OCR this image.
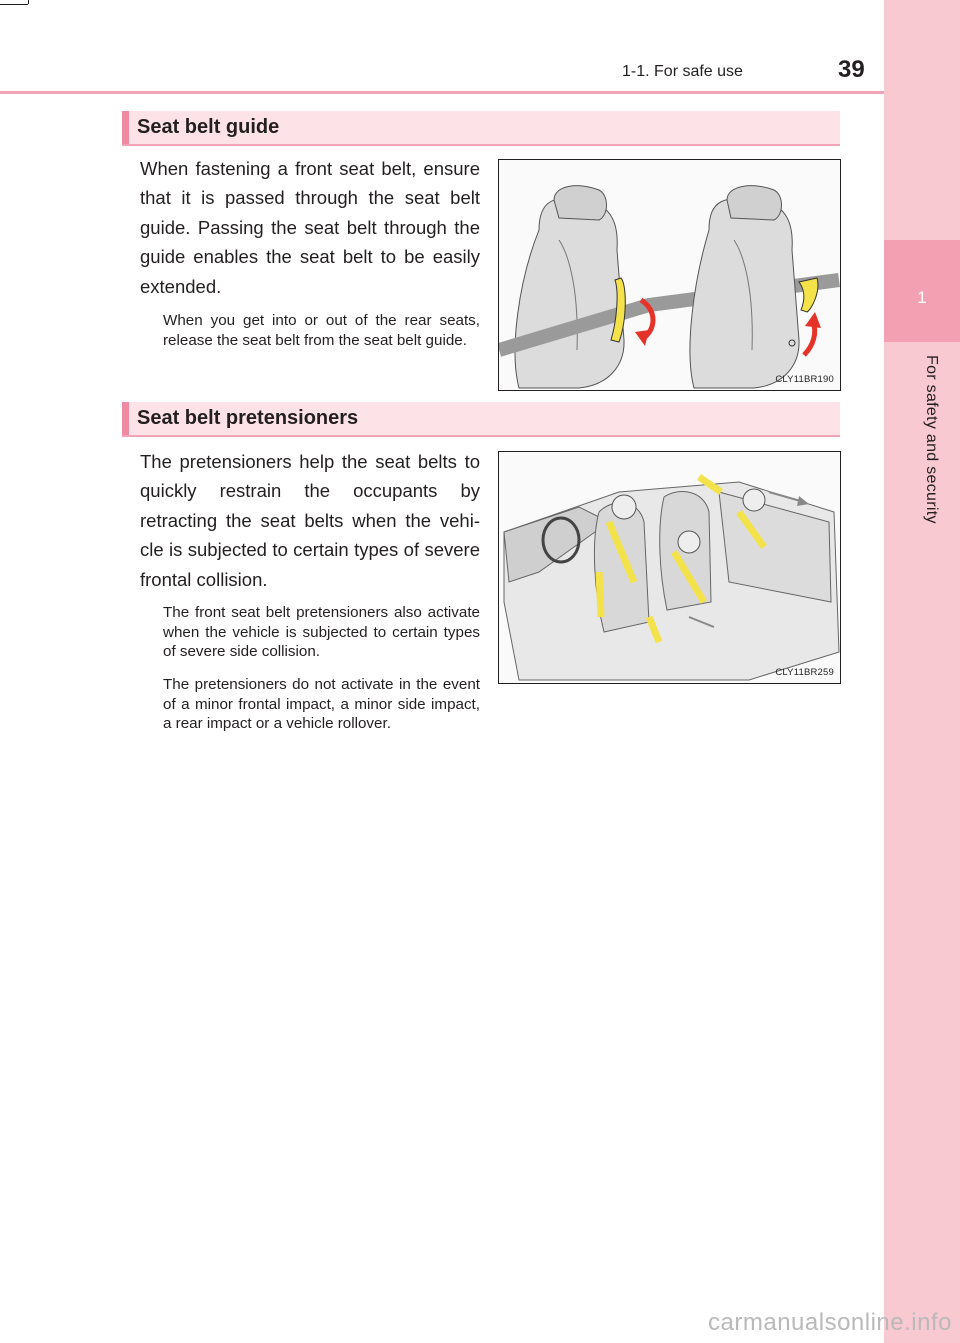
1
For safety and security
1-1. For safe use	39
Seat belt guide

When fastening a front seat belt, ensure that it is passed through the seat belt guide. Passing the seat belt through the guide enables the seat belt to be easily extended.

When you get into or out of the rear seats, release the seat belt from the seat belt guide.

CLY11BR190
Seat belt pretensioners

The pretensioners help the seat belts to quickly restrain the occupants by retracting the seat belts when the vehi-cle is subjected to certain types of severe frontal collision.

The front seat belt pretensioners also activate when the vehicle is subjected to certain types of severe side collision.

The pretensioners do not activate in the event of a minor frontal impact, a minor side impact, a rear impact or a vehicle rollover.

CLY11BR259
carmanualsonline.info
